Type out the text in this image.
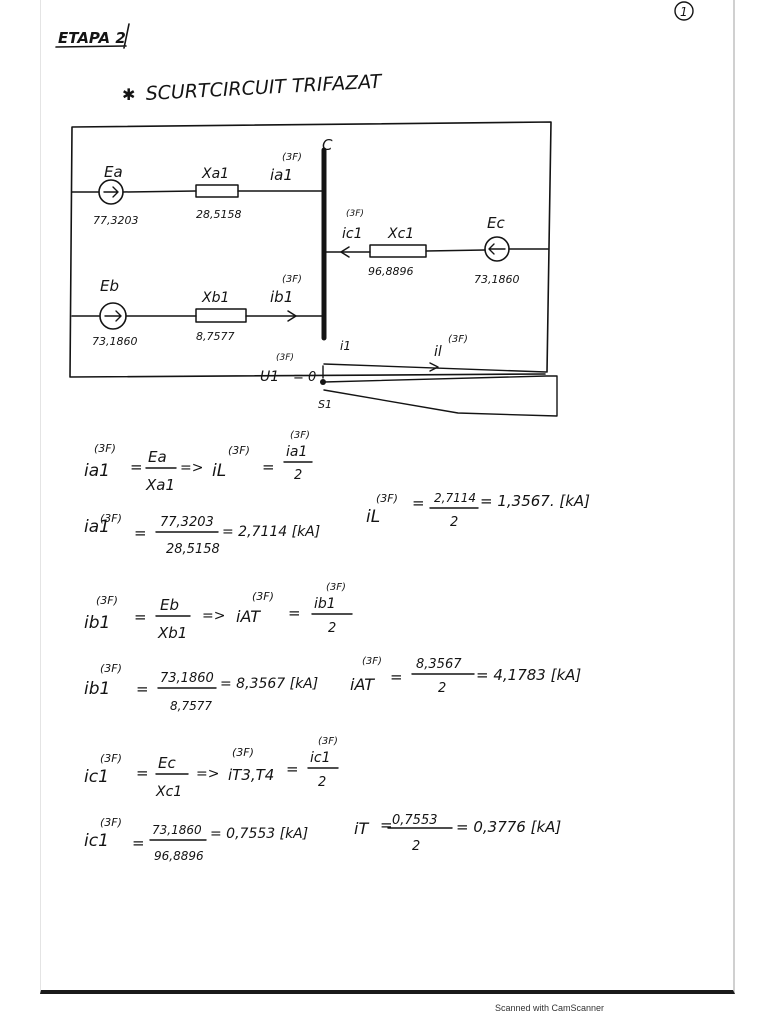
ETAPA 2
1
✱ SCURTCIRCUIT TRIFAZAT
C
Ea
77,3203
Xa1
28,5158
ia1
(3F)
Eb
73,1860
Xb1
8,7577
ib1
(3F)
Xc1
96,8896
ic1
(3F)	Ec
73,1860
i1	il
(3F)
U1
(3F)
= 0
S1
ia1
(3F)
=
Ea
Xa1
=> iL
(3F)
=
ia1
(3F)
2
ia1
(3F)
=
77,3203
28,5158
= 2,7114 [kA]
iL
(3F) = 2,7114
2
= 1,3567. [kA]
ib1
(3F)
=
Eb
Xb1
=> iAT
(3F)
= ib1
(3F)
2
ib1
(3F)
=
73,1860
8,7577
= 8,3567 [kA] iAT
(3F)
=
8,3567
2
= 4,1783 [kA]
ic1
(3F)
=
Ec
Xc1
=> iT3,T4
(3F)
=
ic1
(3F)
2
ic1
(3F)
=
73,1860
96,8896
= 0,7553 [kA]	iT = 0,7553
2
= 0,3776 [kA]
Scanned with CamScanner
